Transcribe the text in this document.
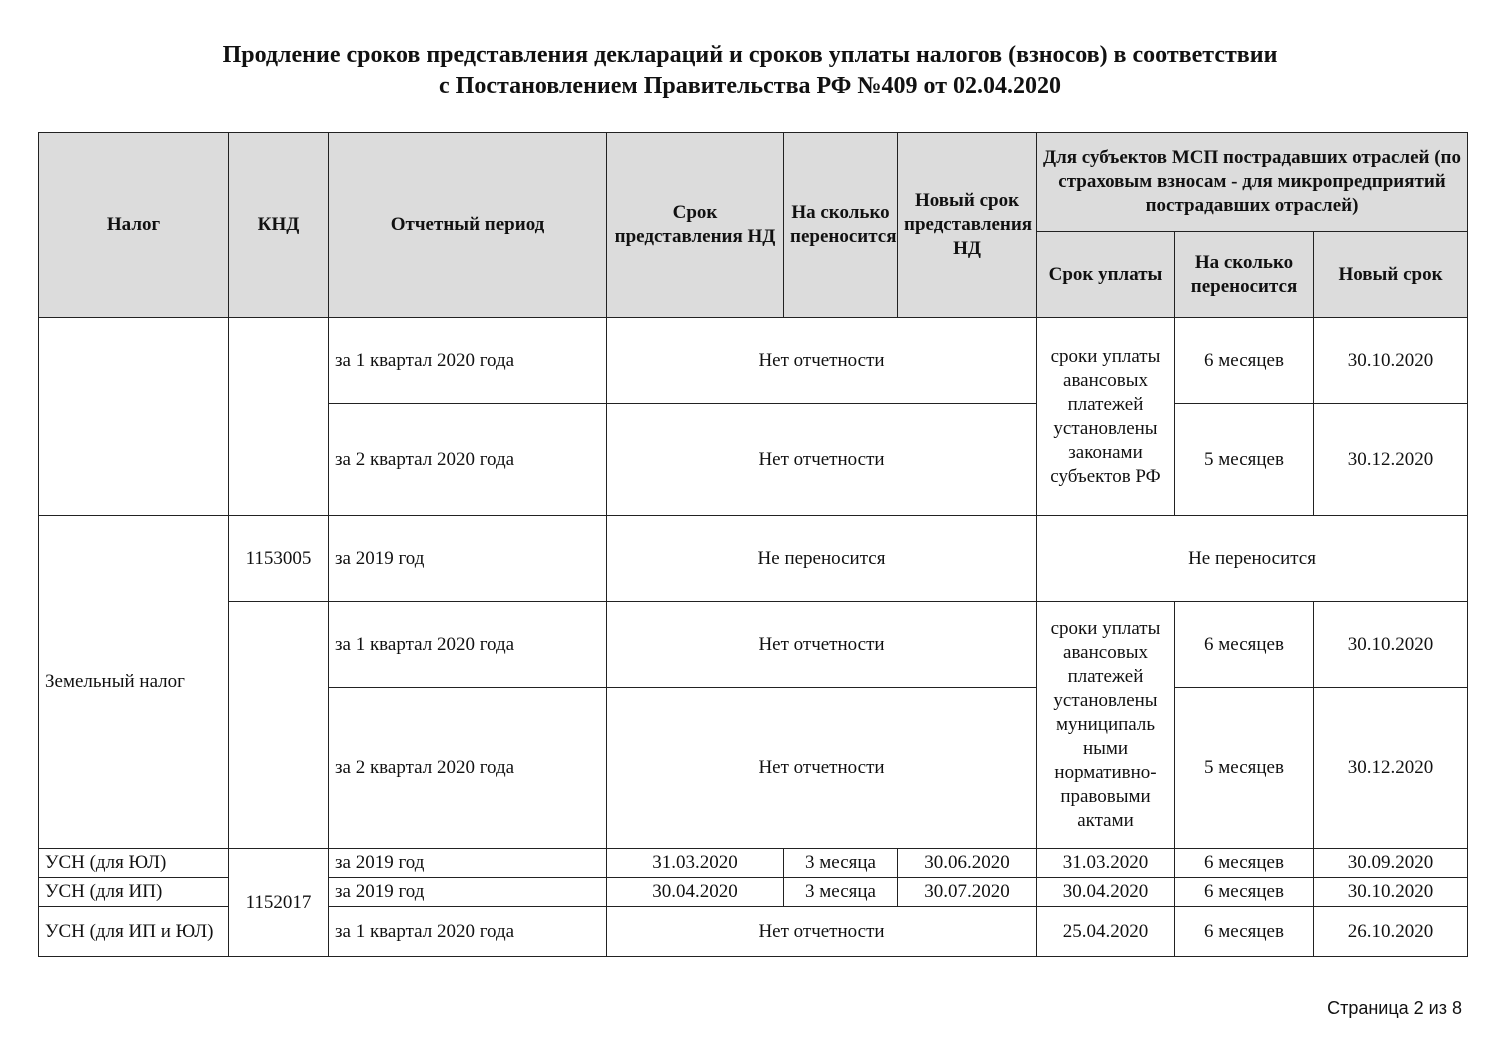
Продление сроков представления деклараций и сроков уплаты налогов (взносов) в соответствии
с Постановлением Правительства РФ №409 от 02.04.2020
Налог	КНД	Отчетный период	Срок представления НД	На сколько переносится	Новый срок представления НД	Для субъектов МСП пострадавших отраслей (по страховым взносам - для микропредприятий пострадавших отраслей)		
						Срок уплаты	На сколько переносится	Новый срок
		за 1 квартал 2020 года	Нет отчетности			сроки уплаты авансовых платежей установлены законами субъектов РФ	6 месяцев	30.10.2020
		за 2 квартал 2020 года	Нет отчетности				5 месяцев	30.12.2020
Земельный налог	1153005	за 2019 год	Не переносится			Не переносится		
		за 1 квартал 2020 года	Нет отчетности			сроки уплаты авансовых платежей установлены муниципаль ными нормативно-правовыми актами	6 месяцев	30.10.2020
		за 2 квартал 2020 года	Нет отчетности				5 месяцев	30.12.2020
УСН (для ЮЛ)	1152017	за 2019 год	31.03.2020	3 месяца	30.06.2020	31.03.2020	6 месяцев	30.09.2020
УСН (для ИП)		за 2019 год	30.04.2020	3 месяца	30.07.2020	30.04.2020	6 месяцев	30.10.2020
УСН (для ИП и ЮЛ)		за 1 квартал 2020 года	Нет отчетности			25.04.2020	6 месяцев	26.10.2020
Страница 2 из 8
